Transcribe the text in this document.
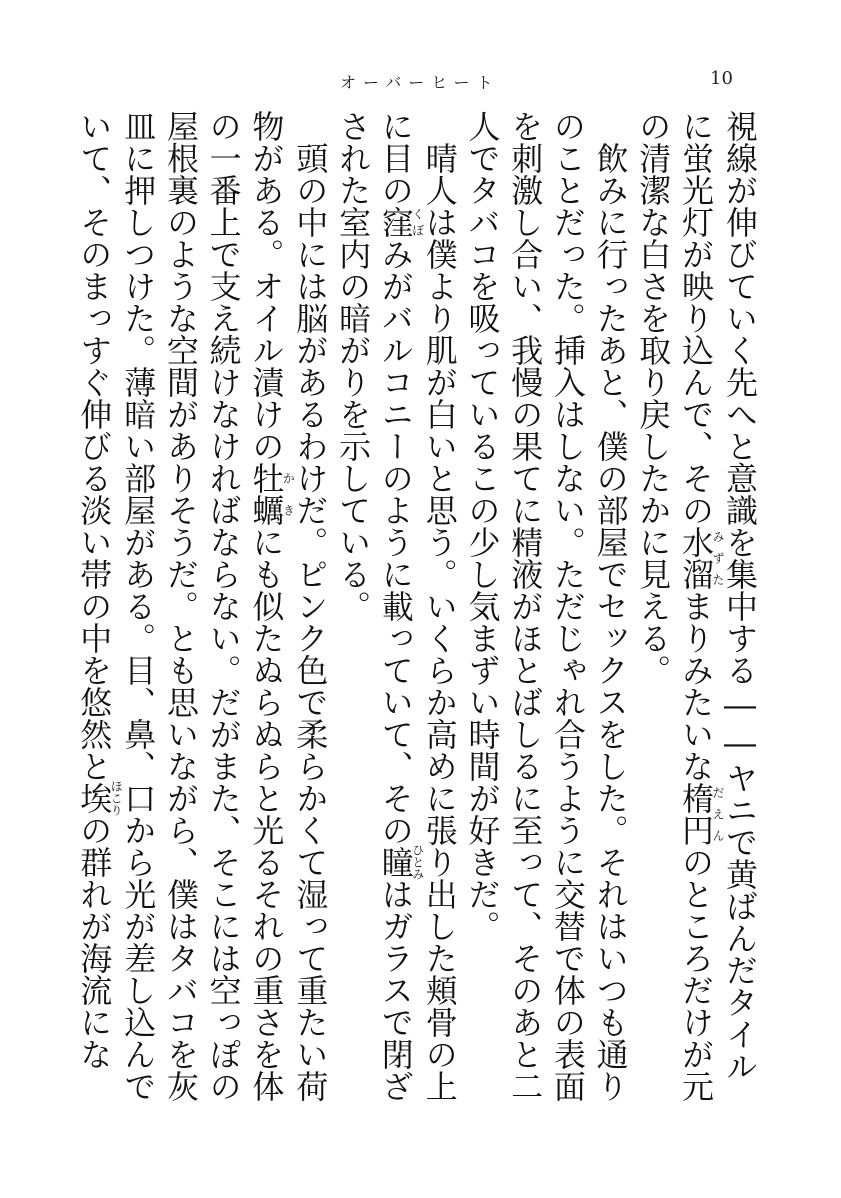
オーバーヒート	10

視線が伸びていく先へと意識を集中する――ヤニで黄ばんだタイルに蛍光灯が映り込んで、その水溜みずたまりみたいな楕円だえんのところだけが元の清潔な白さを取り戻したかに見える。

飲みに行ったあと、僕の部屋でセックスをした。それはいつも通りのことだった。挿入はしない。ただじゃれ合うように交替で体の表面を刺激し合い、我慢の果てに精液がほとばしるに至って、そのあと二人でタバコを吸っているこの少し気まずい時間が好きだ。

晴人は僕より肌が白いと思う。いくらか高めに張り出した頬骨の上に目の窪くぼみがバルコニーのように載っていて、その瞳ひとみはガラスで閉ざされた室内の暗がりを示している。

頭の中には脳があるわけだ。ピンク色で柔らかくて湿って重たい荷物がある。オイル漬けの牡蠣かきにも似たぬらぬらと光るそれの重さを体の一番上で支え続けなければならない。だがまた、そこには空っぽの屋根裏のような空間がありそうだ。とも思いながら、僕はタバコを灰皿に押しつけた。薄暗い部屋がある。目、鼻、口から光が差し込んでいて、そのまっすぐ伸びる淡い帯の中を悠然と埃ほこりの群れが海流にな
